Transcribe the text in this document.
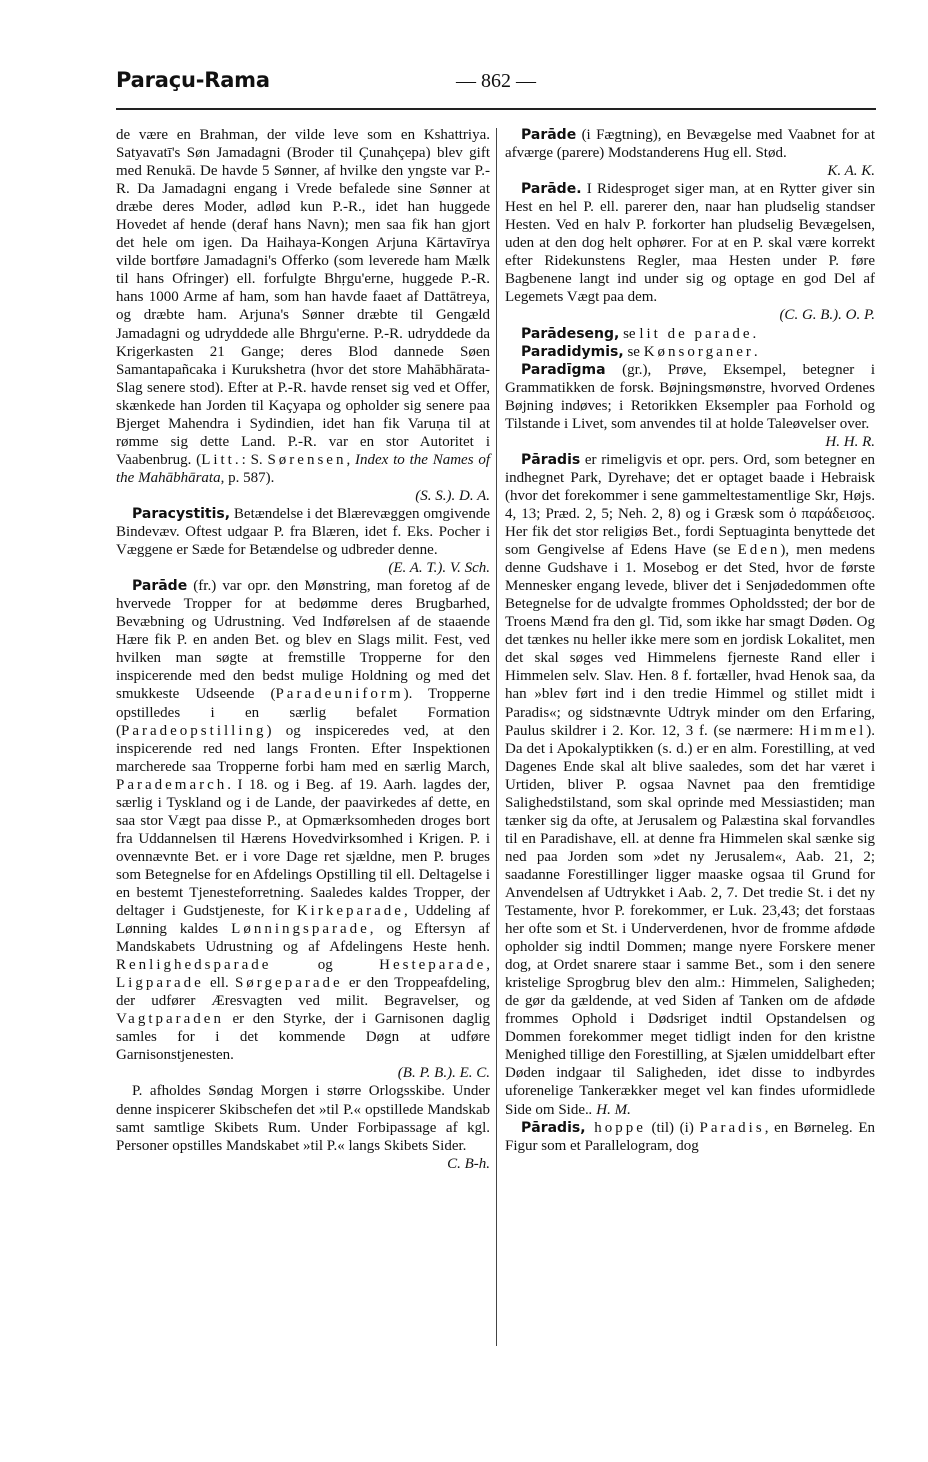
Paraçu-Rama	— 862 —

de være en Brahman, der vilde leve som en Kshattriya. Satyavatī's Søn Jamadagni (Broder til Çunahçepa) blev gift med Renukā. De havde 5 Sønner, af hvilke den yngste var P.-R. Da Jamadagni engang i Vrede befalede sine Sønner at dræbe deres Moder, adlød kun P.-R., idet han huggede Hovedet af hende (deraf hans Navn); men saa fik han gjort det hele om igen. Da Haihaya-Kongen Arjuna Kārtavīrya vilde bortføre Jamadagni's Offerko (som leverede ham Mælk til hans Ofringer) ell. forfulgte Bhṛgu'erne, huggede P.-R. hans 1000 Arme af ham, som han havde faaet af Dattātreya, og dræbte ham. Arjuna's Sønner dræbte til Gengæld Jamadagni og udryddede alle Bhrgu'erne. P.-R. udryddede da Krigerkasten 21 Gange; deres Blod dannede Søen Samantapañcaka i Kurukshetra (hvor det store Mahābhārata-Slag senere stod). Efter at P.-R. havde renset sig ved et Offer, skænkede han Jorden til Kaçyapa og opholder sig senere paa Bjerget Mahendra i Sydindien, idet han fik Varuṇa til at rømme sig dette Land. P.-R. var en stor Autoritet i Vaabenbrug. (Litt.: S. Sørensen, Index to the Names of the Mahābhārata, p. 587).

(S. S.). D. A.

Paracystitis, Betændelse i det Blærevæggen omgivende Bindevæv. Oftest udgaar P. fra Blæren, idet f. Eks. Pocher i Væggene er Sæde for Betændelse og udbreder denne.

(E. A. T.). V. Sch.

Parāde (fr.) var opr. den Mønstring, man foretog af de hvervede Tropper for at bedømme deres Brugbarhed, Bevæbning og Udrustning. Ved Indførelsen af de staaende Hære fik P. en anden Bet. og blev en Slags milit. Fest, ved hvilken man søgte at fremstille Tropperne for den inspicerende med den bedst mulige Holdning og med det smukkeste Udseende (Paradeuniform). Tropperne opstilledes i en særlig befalet Formation (Paradeopstilling) og inspiceredes ved, at den inspicerende red ned langs Fronten. Efter Inspektionen marcherede saa Tropperne forbi ham med en særlig March, Parademarch. I 18. og i Beg. af 19. Aarh. lagdes der, særlig i Tyskland og i de Lande, der paavirkedes af dette, en saa stor Vægt paa disse P., at Opmærksomheden droges bort fra Uddannelsen til Hærens Hovedvirksomhed i Krigen. P. i ovennævnte Bet. er i vore Dage ret sjældne, men P. bruges som Betegnelse for en Afdelings Opstilling til ell. Deltagelse i en bestemt Tjenesteforretning. Saaledes kaldes Tropper, der deltager i Gudstjeneste, for Kirkeparade, Uddeling af Lønning kaldes Lønningsparade, og Eftersyn af Mandskabets Udrustning og af Afdelingens Heste henh. Renlighedsparade og Hesteparade, Ligparade ell. Sørgeparade er den Troppeafdeling, der udfører Æresvagten ved milit. Begravelser, og Vagtparaden er den Styrke, der i Garnisonen daglig samles for i det kommende Døgn at udføre Garnisonstjenesten.

(B. P. B.). E. C.

P. afholdes Søndag Morgen i større Orlogsskibe. Under denne inspicerer Skibschefen det »til P.« opstillede Mandskab samt samtlige Skibets Rum. Under Forbipassage af kgl. Personer opstilles Mandskabet »til P.« langs Skibets Sider.

C. B-h.

Parāde (i Fægtning), en Bevægelse med Vaabnet for at afværge (parere) Modstanderens Hug ell. Stød.

K. A. K.

Parāde. I Ridesproget siger man, at en Rytter giver sin Hest en hel P. ell. parerer den, naar han pludselig standser Hesten. Ved en halv P. forkorter han pludselig Bevægelsen, uden at den dog helt ophører. For at en P. skal være korrekt efter Ridekunstens Regler, maa Hesten under P. føre Bagbenene langt ind under sig og optage en god Del af Legemets Vægt paa dem.

(C. G. B.). O. P.

Parādeseng, se lit de parade.

Paradidymis, se Kønsorganer.

Paradīgma (gr.), Prøve, Eksempel, betegner i Grammatikken de forsk. Bøjningsmønstre, hvorved Ordenes Bøjning indøves; i Retorikken Eksempler paa Forhold og Tilstande i Livet, som anvendes til at holde Taleøvelser over.

H. H. R.

Pāradis er rimeligvis et opr. pers. Ord, som betegner en indhegnet Park, Dyrehave; det er optaget baade i Hebraisk (hvor det forekommer i sene gammeltestamentlige Skr, Højs. 4, 13; Præd. 2, 5; Neh. 2, 8) og i Græsk som ὁ παράδεισος. Her fik det stor religiøs Bet., fordi Septuaginta benyttede det som Gengivelse af Edens Have (se Eden), men medens denne Gudshave i 1. Mosebog er det Sted, hvor de første Mennesker engang levede, bliver det i Senjødedommen ofte Betegnelse for de udvalgte frommes Opholdssted; der bor de Troens Mænd fra den gl. Tid, som ikke har smagt Døden. Og det tænkes nu heller ikke mere som en jordisk Lokalitet, men det skal søges ved Himmelens fjerneste Rand eller i Himmelen selv. Slav. Hen. 8 f. fortæller, hvad Henok saa, da han »blev ført ind i den tredie Himmel og stillet midt i Paradis«; og sidstnævnte Udtryk minder om den Erfaring, Paulus skildrer i 2. Kor. 12, 3 f. (se nærmere: Himmel). Da det i Apokalyptikken (s. d.) er en alm. Forestilling, at ved Dagenes Ende skal alt blive saaledes, som det har været i Urtiden, bliver P. ogsaa Navnet paa den fremtidige Salighedstilstand, som skal oprinde med Messiastiden; man tænker sig da ofte, at Jerusalem og Palæstina skal forvandles til en Paradishave, ell. at denne fra Himmelen skal sænke sig ned paa Jorden som »det ny Jerusalem«, Aab. 21, 2; saadanne Forestillinger ligger maaske ogsaa til Grund for Anvendelsen af Udtrykket i Aab. 2, 7. Det tredie St. i det ny Testamente, hvor P. forekommer, er Luk. 23,43; det forstaas her ofte som et St. i Underverdenen, hvor de fromme afdøde opholder sig indtil Dommen; mange nyere Forskere mener dog, at Ordet snarere staar i samme Bet., som i den senere kristelige Sprogbrug blev den alm.: Himmelen, Saligheden; de gør da gældende, at ved Siden af Tanken om de afdøde frommes Ophold i Dødsriget indtil Opstandelsen og Dommen forekommer meget tidligt inden for den kristne Menighed tillige den Forestilling, at Sjælen umiddelbart efter Døden indgaar til Saligheden, idet disse to indbyrdes uforenelige Tankerækker meget vel kan findes uformidlede Side om Side.. H. M.

Pāradis, hoppe (til) (i) Paradis, en Børneleg. En Figur som et Parallelogram, dog
